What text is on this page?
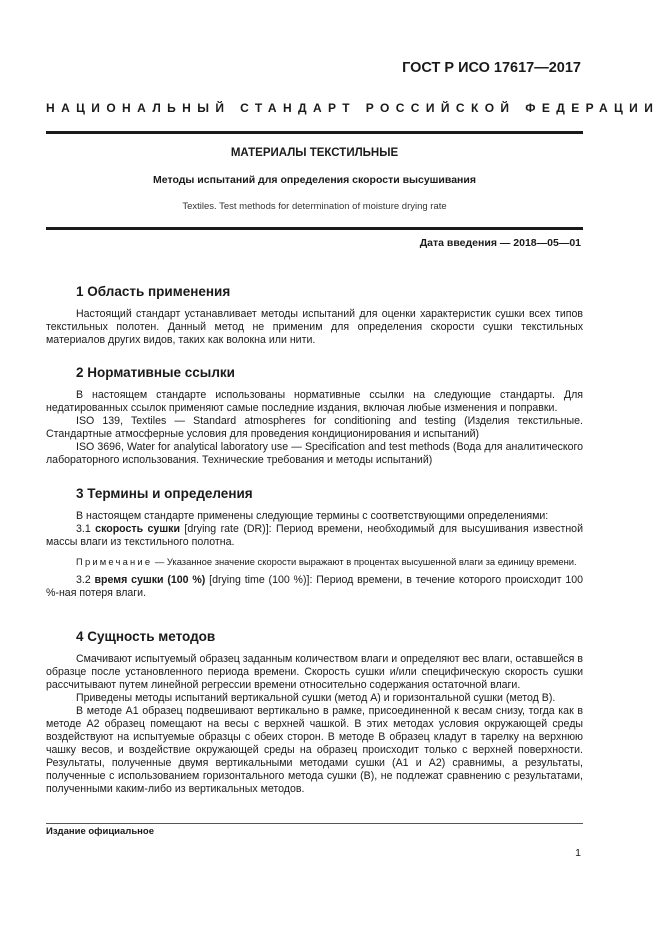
ГОСТ Р ИСО 17617—2017
НАЦИОНАЛЬНЫЙ СТАНДАРТ РОССИЙСКОЙ ФЕДЕРАЦИИ
МАТЕРИАЛЫ ТЕКСТИЛЬНЫЕ
Методы испытаний для определения скорости высушивания
Textiles. Test methods for determination of moisture drying rate
Дата введения — 2018—05—01
1 Область применения

Настоящий стандарт устанавливает методы испытаний для оценки характеристик сушки всех типов текстильных полотен. Данный метод не применим для определения скорости сушки текстильных материалов других видов, таких как волокна или нити.

2 Нормативные ссылки

В настоящем стандарте использованы нормативные ссылки на следующие стандарты. Для недатированных ссылок применяют самые последние издания, включая любые изменения и поправки.

ISO 139, Textiles — Standard atmospheres for conditioning and testing (Изделия текстильные. Стандартные атмосферные условия для проведения кондиционирования и испытаний)

ISO 3696, Water for analytical laboratory use — Specification and test methods (Вода для аналитического лабораторного использования. Технические требования и методы испытаний)

3 Термины и определения

В настоящем стандарте применены следующие термины с соответствующими определениями:

3.1 скорость сушки [drying rate (DR)]: Период времени, необходимый для высушивания известной массы влаги из текстильного полотна.

Примечание — Указанное значение скорости выражают в процентах высушенной влаги за единицу времени.

3.2 время сушки (100 %) [drying time (100 %)]: Период времени, в течение которого происходит 100 %-ная потеря влаги.

4 Сущность методов

Смачивают испытуемый образец заданным количеством влаги и определяют вес влаги, оставшейся в образце после установленного периода времени. Скорость сушки и/или специфическую скорость сушки рассчитывают путем линейной регрессии времени относительно содержания остаточной влаги.

Приведены методы испытаний вертикальной сушки (метод А) и горизонтальной сушки (метод В).

В методе А1 образец подвешивают вертикально в рамке, присоединенной к весам снизу, тогда как в методе А2 образец помещают на весы с верхней чашкой. В этих методах условия окружающей среды воздействуют на испытуемые образцы с обеих сторон. В методе В образец кладут в тарелку на верхнюю чашку весов, и воздействие окружающей среды на образец происходит только с верхней поверхности. Результаты, полученные двумя вертикальными методами сушки (А1 и А2) сравнимы, а результаты, полученные с использованием горизонтального метода сушки (В), не подлежат сравнению с результатами, полученными каким-либо из вертикальных методов.

Издание официальное
1
